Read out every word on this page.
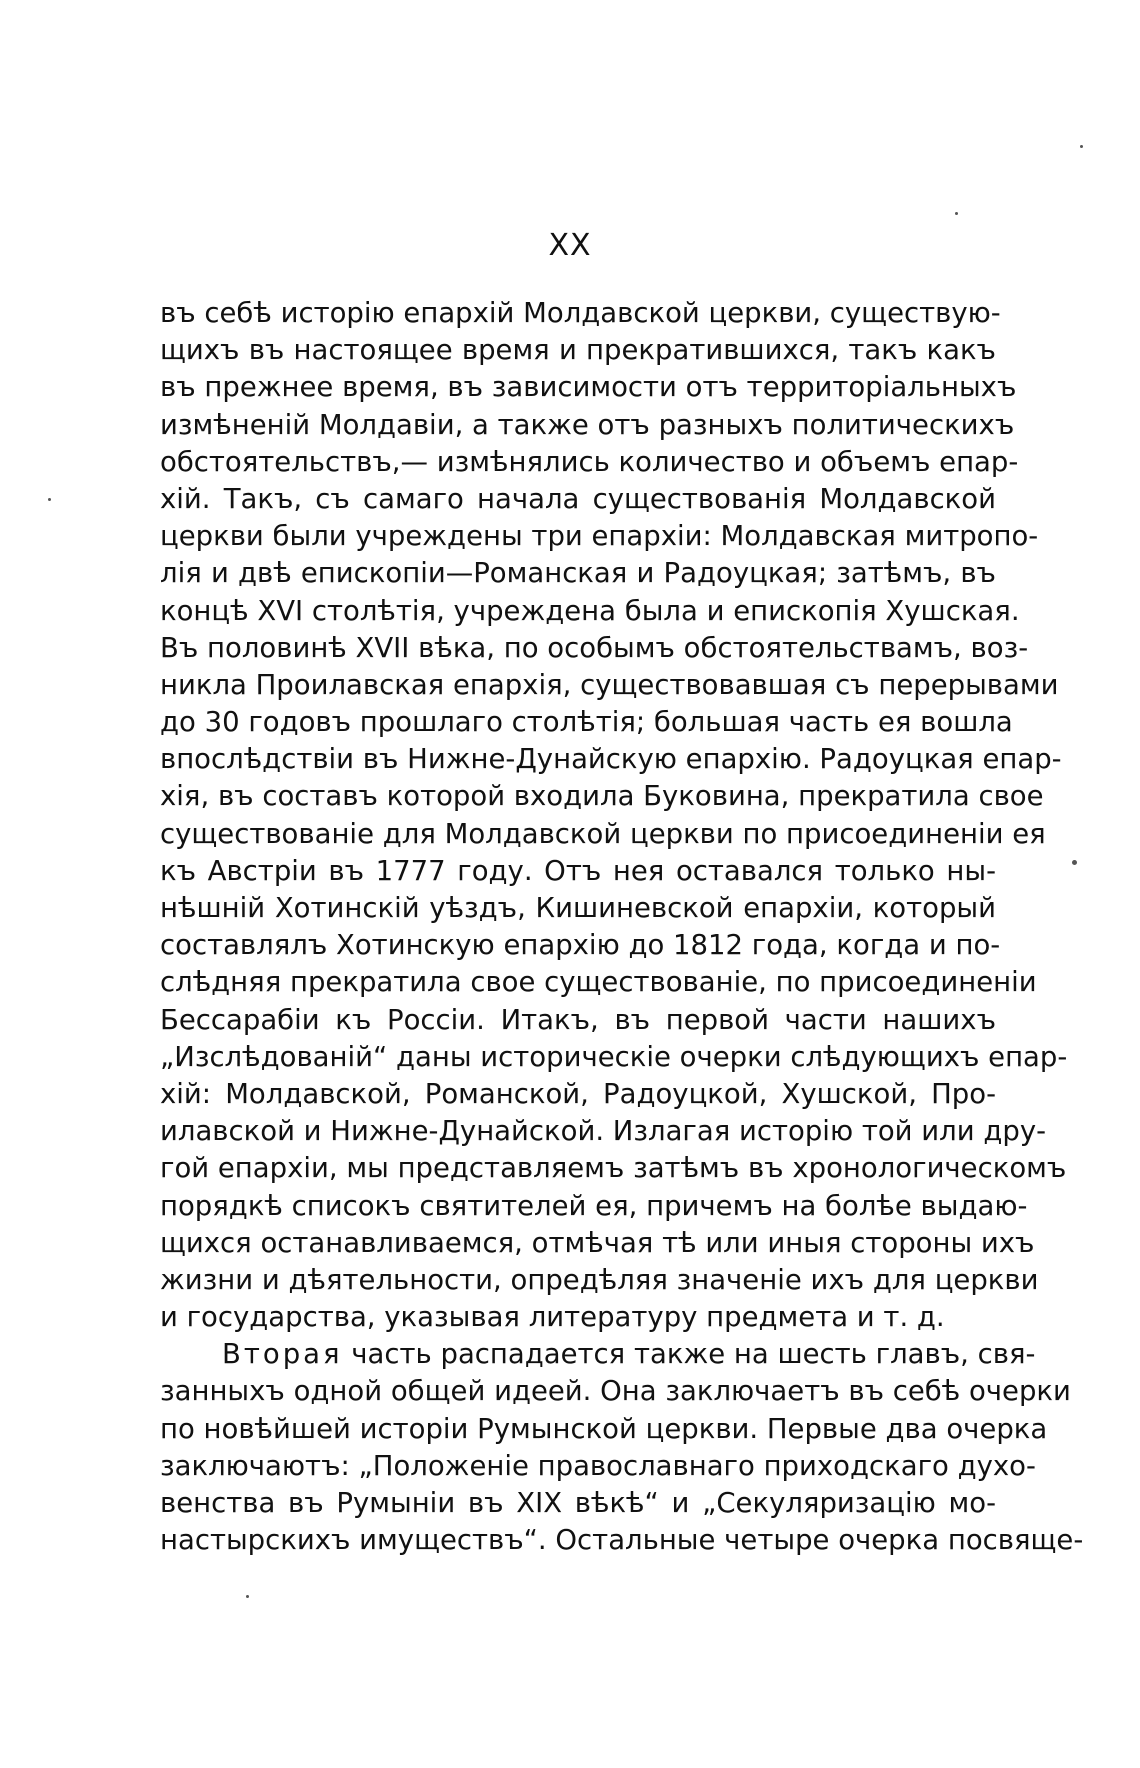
XX
въ себѣ исторію епархій Молдавской церкви, существую-
щихъ въ настоящее время и прекратившихся, такъ какъ
въ прежнее время, въ зависимости отъ территоріальныхъ
измѣненій Молдавіи, а также отъ разныхъ политическихъ
обстоятельствъ,— измѣнялись количество и объемъ епар-
хій. Такъ, съ самаго начала существованія Молдавской
церкви были учреждены три епархіи: Молдавская митропо-
лія и двѣ епископіи—Романская и Радоуцкая; затѣмъ, въ
концѣ XVI столѣтія, учреждена была и епископія Хушская.
Въ половинѣ XVII вѣка, по особымъ обстоятельствамъ, воз-
никла Проилавская епархія, существовавшая съ перерывами
до 30 годовъ прошлаго столѣтія; большая часть ея вошла
впослѣдствіи въ Нижне-Дунайскую епархію. Радоуцкая епар-
хія, въ составъ которой входила Буковина, прекратила свое
существованіе для Молдавской церкви по присоединеніи ея
къ Австріи въ 1777 году. Отъ нея оставался только ны-
нѣшній Хотинскій уѣздъ, Кишиневской епархіи, который
составлялъ Хотинскую епархію до 1812 года, когда и по-
слѣдняя прекратила свое существованіе, по присоединеніи
Бессарабіи къ Россіи. Итакъ, въ первой части нашихъ
„Изслѣдованій“ даны историческіе очерки слѣдующихъ епар-
хій: Молдавской, Романской, Радоуцкой, Хушской, Про-
илавской и Нижне-Дунайской. Излагая исторію той или дру-
гой епархіи, мы представляемъ затѣмъ въ хронологическомъ
порядкѣ списокъ святителей ея, причемъ на болѣе выдаю-
щихся останавливаемся, отмѣчая тѣ или иныя стороны ихъ
жизни и дѣятельности, опредѣляя значеніе ихъ для церкви
и государства, указывая литературу предмета и т. д.
Вторая часть распадается также на шесть главъ, свя-
занныхъ одной общей идеей. Она заключаетъ въ себѣ очерки
по новѣйшей исторіи Румынской церкви. Первые два очерка
заключаютъ: „Положеніе православнаго приходскаго духо-
венства въ Румыніи въ XIX вѣкѣ“ и „Секуляризацію мо-
настырскихъ имуществъ“. Остальные четыре очерка посвяще-
